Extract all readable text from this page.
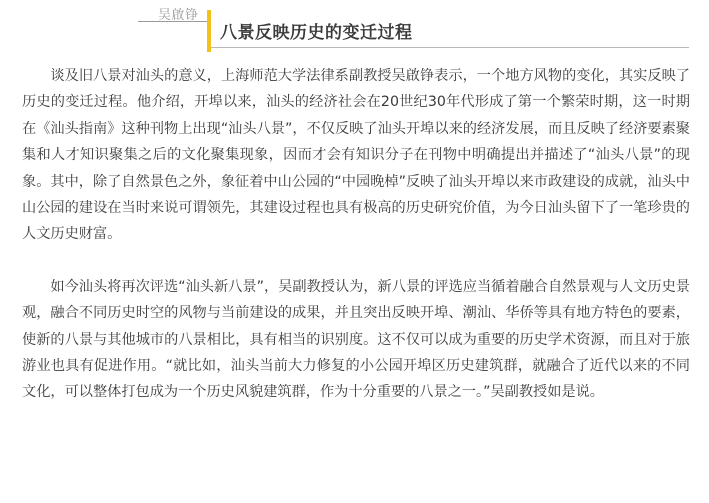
吴啟铮
八景反映历史的变迁过程

谈及旧八景对汕头的意义，上海师范大学法律系副教授吴啟铮表示，一个地方风物的变化，其实反映了历史的变迁过程。他介绍，开埠以来，汕头的经济社会在20世纪30年代形成了第一个繁荣时期，这一时期在《汕头指南》这种刊物上出现“汕头八景”，不仅反映了汕头开埠以来的经济发展，而且反映了经济要素聚集和人才知识聚集之后的文化聚集现象，因而才会有知识分子在刊物中明确提出并描述了“汕头八景”的现象。其中，除了自然景色之外，象征着中山公园的“中园晚棹”反映了汕头开埠以来市政建设的成就，汕头中山公园的建设在当时来说可谓领先，其建设过程也具有极高的历史研究价值，为今日汕头留下了一笔珍贵的人文历史财富。

如今汕头将再次评选“汕头新八景”，吴副教授认为，新八景的评选应当循着融合自然景观与人文历史景观，融合不同历史时空的风物与当前建设的成果，并且突出反映开埠、潮汕、华侨等具有地方特色的要素，使新的八景与其他城市的八景相比，具有相当的识别度。这不仅可以成为重要的历史学术资源，而且对于旅游业也具有促进作用。“就比如，汕头当前大力修复的小公园开埠区历史建筑群，就融合了近代以来的不同文化，可以整体打包成为一个历史风貌建筑群，作为十分重要的八景之一。”吴副教授如是说。
